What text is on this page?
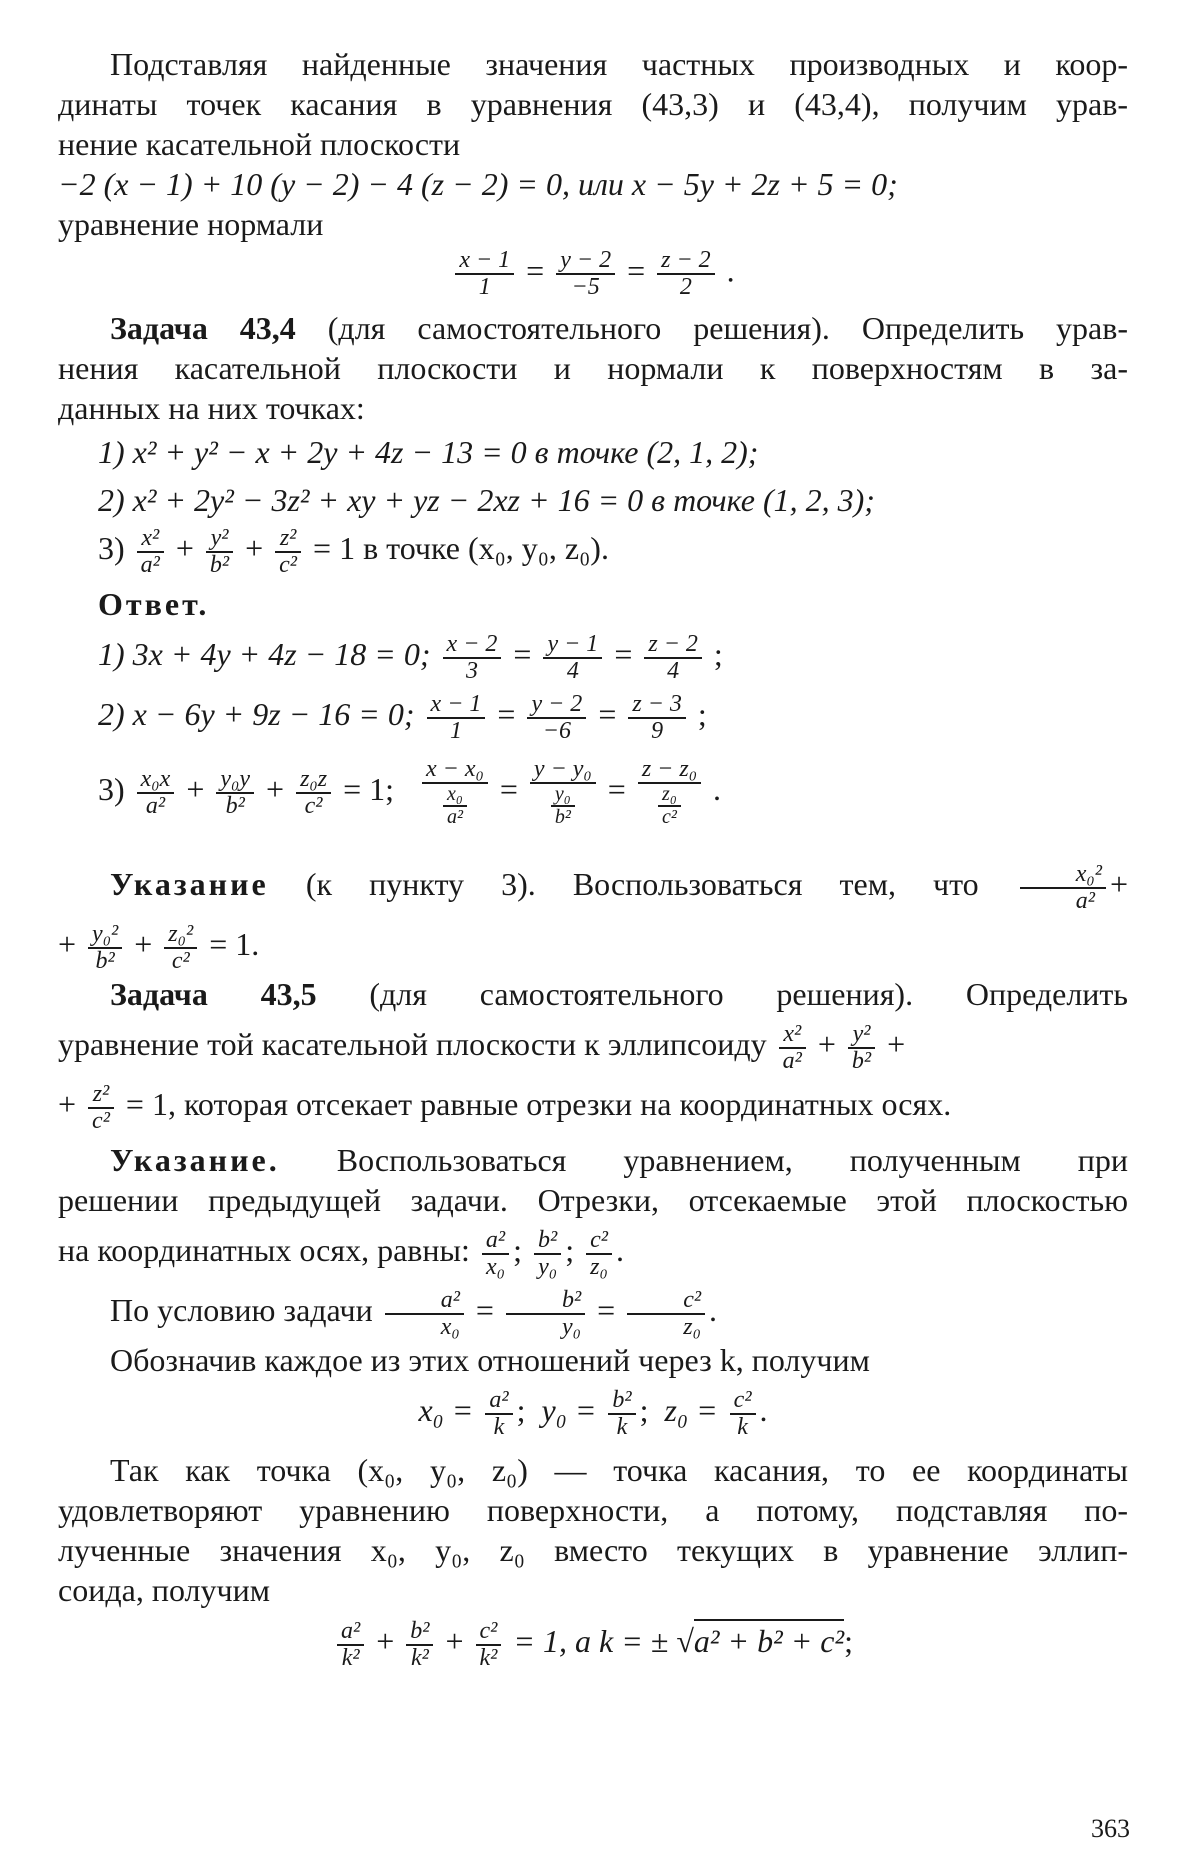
Подставляя найденные значения частных производных и коор-

динаты точек касания в уравнения (43,3) и (43,4), получим урав-

нение касательной плоскости

−2 (x − 1) + 10 (y − 2) − 4 (z − 2) = 0, или x − 5y + 2z + 5 = 0;

уравнение нормали

$\frac{x - 1}{1} = \frac{y - 2}{-5} = \frac{z - 2}{2}$ .

Задача 43,4 (для самостоятельного решения). Определить урав-

нения касательной плоскости и нормали к поверхностям в за-

данных на них точках:

1) x² + y² − x + 2y + 4z − 13 = 0 в точке (2, 1, 2);
2) x² + 2y² − 3z² + xy + yz − 2xz + 16 = 0 в точке (1, 2, 3);
$3) \frac{\text{x²}}{\text{a²}} + \frac{\text{y²}}{\text{b²}} + \frac{\text{z²}}{\text{c²}} = 1$ в точке (x₀, y₀, z₀).

Ответ.

1) 3x + 4y + 4z − 18 = 0; $\frac{x - 2}{3} = \frac{y - 1}{4} = \frac{z - 2}{4}$ ;
2) x − 6y + 9z − 16 = 0; $\frac{x - 1}{1} = \frac{y - 2}{-6} = \frac{z - 3}{9}$ ;
$3) \frac{\text{x₀x}}{\text{a²}} + \frac{\text{y₀y}}{\text{b²}} + \frac{\text{z₀z}}{\text{c²}} = 1$; $\frac{\text{x − x₀}}{\frac{\text{x₀}}{\text{a²}}} = \frac{\text{y − y₀}}{\frac{\text{y₀}}{\text{b²}}} = \frac{\text{z − z₀}}{\frac{\text{z₀}}{\text{c²}}}$ .
Указание (к пункту 3). Воспользоваться тем, что $\frac{\text{x₀²}}{\text{a²}}$ +
+ $\frac{\text{y₀²}}{\text{b²}} + \frac{\text{z₀²}}{\text{c²}} = 1$.

Задача 43,5 (для самостоятельного решения). Определить

уравнение той касательной плоскости к эллипсоиду $\frac{\text{x²}}{\text{a²}} + \frac{\text{y²}}{\text{b²}}$ +
+ $\frac{\text{z²}}{\text{c²}} = 1$, которая отсекает равные отрезки на координатных осях.

Указание. Воспользоваться уравнением, полученным при

решении предыдущей задачи. Отрезки, отсекаемые этой плоскостью

на координатных осях, равны: $\frac{\text{a²}}{\text{x₀}}$ ; $\frac{\text{b²}}{\text{y₀}}$ ; $\frac{\text{c²}}{\text{z₀}}$ .
По условию задачи $\frac{\text{a²}}{\text{x₀}} = \frac{\text{b²}}{\text{y₀}} = \frac{\text{c²}}{\text{z₀}}$ .

Обозначив каждое из этих отношений через k, получим

$x_0 = \frac{\text{a²}}{k}$ ; $y_0 = \frac{\text{b²}}{k}$ ; $z_0 = \frac{\text{c²}}{k}$ .

Так как точка (x₀, y₀, z₀) — точка касания, то ее координаты

удовлетворяют уравнению поверхности, а потому, подставляя по-

лученные значения x₀, y₀, z₀ вместо текущих в уравнение эллип-

соида, получим

$\frac{\text{a²}}{\text{k²}} + \frac{\text{b²}}{\text{k²}} + \frac{\text{c²}}{\text{k²}} = 1$, а k = ± √a² + b² + c²;
363
